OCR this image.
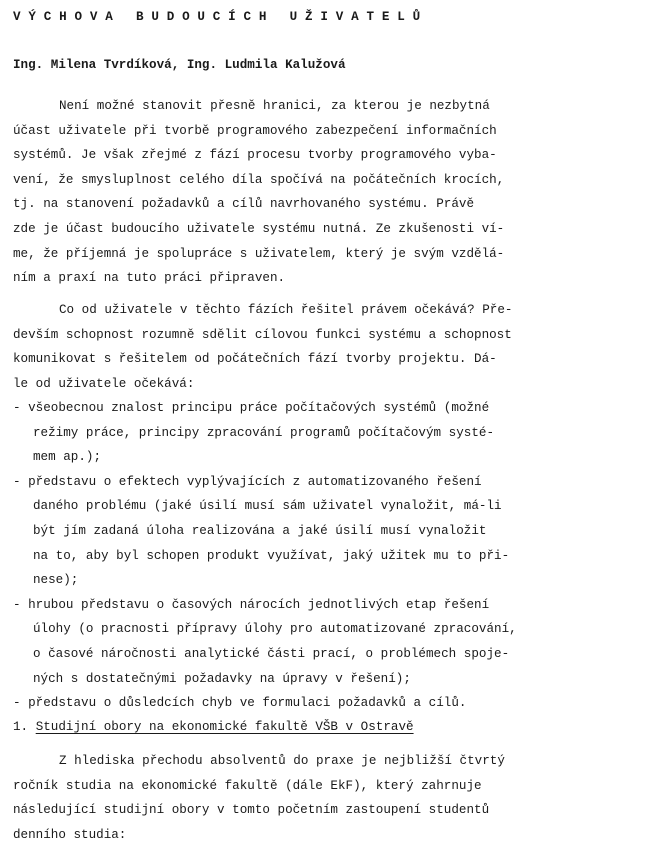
VÝCHOVA BUDOUCÍCH UŽIVATELŮ
Ing. Milena Tvrdíková, Ing. Ludmila Kalužová
Není možné stanovit přesně hranici, za kterou je nezbytná
účast uživatele při tvorbě programového zabezpečení informačních
systémů. Je však zřejmé z fází procesu tvorby programového vyba-
vení, že smysluplnost celého díla spočívá na počátečních krocích,
tj. na stanovení požadavků a cílů navrhovaného systému. Právě
zde je účast budoucího uživatele systému nutná. Ze zkušenosti ví-
me, že příjemná je spolupráce s uživatelem, který je svým vzdělá-
ním a praxí na tuto práci připraven.
Co od uživatele v těchto fázích řešitel právem očekává? Pře-
devším schopnost rozumně sdělit cílovou funkci systému a schopnost
komunikovat s řešitelem od počátečních fází tvorby projektu. Dá-
le od uživatele očekává:
- všeobecnou znalost principu práce počítačových systémů (možné
režimy práce, principy zpracování programů počítačovým systé-
mem ap.);
- představu o efektech vyplývajících z automatizovaného řešení
daného problému (jaké úsilí musí sám uživatel vynaložit, má-li
být jím zadaná úloha realizována a jaké úsilí musí vynaložit
na to, aby byl schopen produkt využívat, jaký užitek mu to při-
nese);
- hrubou představu o časových nárocích jednotlivých etap řešení
úlohy (o pracnosti přípravy úlohy pro automatizované zpracování,
o časové náročnosti analytické části prací, o problémech spoje-
ných s dostatečnými požadavky na úpravy v řešení);
- představu o důsledcích chyb ve formulaci požadavků a cílů.
1. Studijní obory na ekonomické fakultě VŠB v Ostravě
Z hlediska přechodu absolventů do praxe je nejbližší čtvrtý
ročník studia na ekonomické fakultě (dále EkF), který zahrnuje
následující studijní obory v tomto početním zastoupení studentů
denního studia:
